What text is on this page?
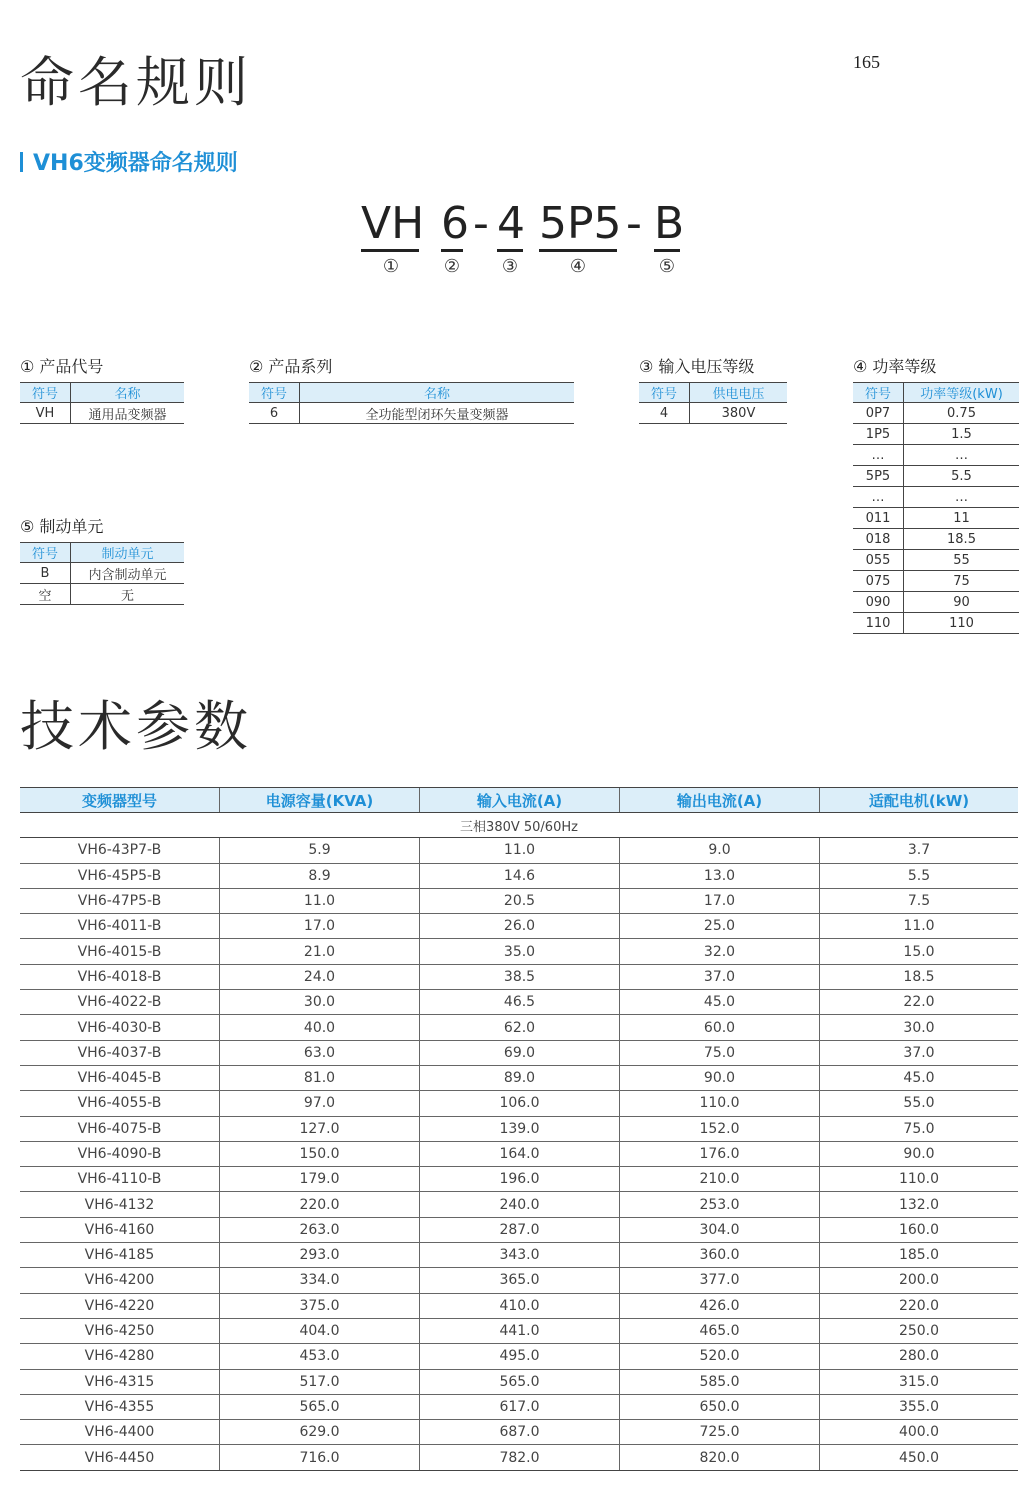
命名规则	165
VH6变频器命名规则
VH 6 - 4 5P5 - B
①	②	③	④	⑤
① 产品代号
符号	名称
VH	通用品变频器
② 产品系列
符号	名称
6	全功能型闭环矢量变频器
③ 输入电压等级
符号	供电电压
4	380V
④ 功率等级
符号	功率等级(kW)
0P7	0.75
1P5	1.5
…	…
5P5	5.5
…	…
011	11
018	18.5
055	55
075	75
090	90
110	110
⑤ 制动单元
符号	制动单元
B	内含制动单元
空	无
技术参数
变频器型号	电源容量(KVA)	输入电流(A)	输出电流(A)	适配电机(kW)
三相380V 50/60Hz				
VH6-43P7-B	5.9	11.0	9.0	3.7
VH6-45P5-B	8.9	14.6	13.0	5.5
VH6-47P5-B	11.0	20.5	17.0	7.5
VH6-4011-B	17.0	26.0	25.0	11.0
VH6-4015-B	21.0	35.0	32.0	15.0
VH6-4018-B	24.0	38.5	37.0	18.5
VH6-4022-B	30.0	46.5	45.0	22.0
VH6-4030-B	40.0	62.0	60.0	30.0
VH6-4037-B	63.0	69.0	75.0	37.0
VH6-4045-B	81.0	89.0	90.0	45.0
VH6-4055-B	97.0	106.0	110.0	55.0
VH6-4075-B	127.0	139.0	152.0	75.0
VH6-4090-B	150.0	164.0	176.0	90.0
VH6-4110-B	179.0	196.0	210.0	110.0
VH6-4132	220.0	240.0	253.0	132.0
VH6-4160	263.0	287.0	304.0	160.0
VH6-4185	293.0	343.0	360.0	185.0
VH6-4200	334.0	365.0	377.0	200.0
VH6-4220	375.0	410.0	426.0	220.0
VH6-4250	404.0	441.0	465.0	250.0
VH6-4280	453.0	495.0	520.0	280.0
VH6-4315	517.0	565.0	585.0	315.0
VH6-4355	565.0	617.0	650.0	355.0
VH6-4400	629.0	687.0	725.0	400.0
VH6-4450	716.0	782.0	820.0	450.0
